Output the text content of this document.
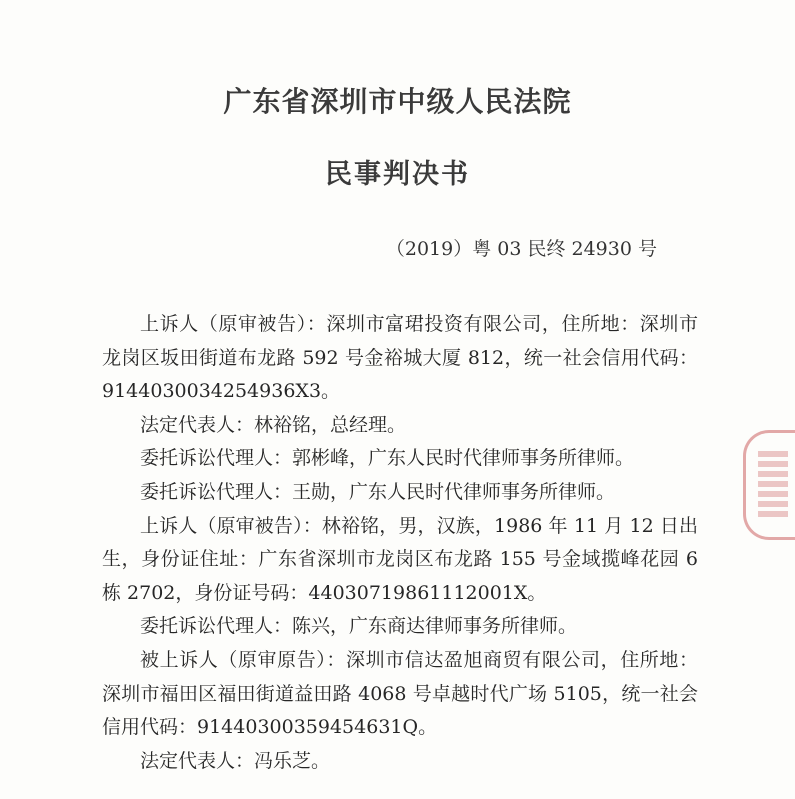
广东省深圳市中级人民法院
民事判决书
（2019）粤 03 民终 24930 号

上诉人（原审被告）：深圳市富珺投资有限公司，住所地：深圳市龙岗区坂田街道布龙路 592 号金裕城大厦 812，统一社会信用代码：9144030034254936X3。

法定代表人：林裕铭，总经理。

委托诉讼代理人：郭彬峰，广东人民时代律师事务所律师。

委托诉讼代理人：王勋，广东人民时代律师事务所律师。

上诉人（原审被告）：林裕铭，男，汉族，1986 年 11 月 12 日出生，身份证住址：广东省深圳市龙岗区布龙路 155 号金域揽峰花园 6 栋 2702，身份证号码：44030719861112001X。

委托诉讼代理人：陈兴，广东商达律师事务所律师。

被上诉人（原审原告）：深圳市信达盈旭商贸有限公司，住所地：深圳市福田区福田街道益田路 4068 号卓越时代广场 5105，统一社会信用代码：91440300359454631Q。

法定代表人：冯乐芝。
